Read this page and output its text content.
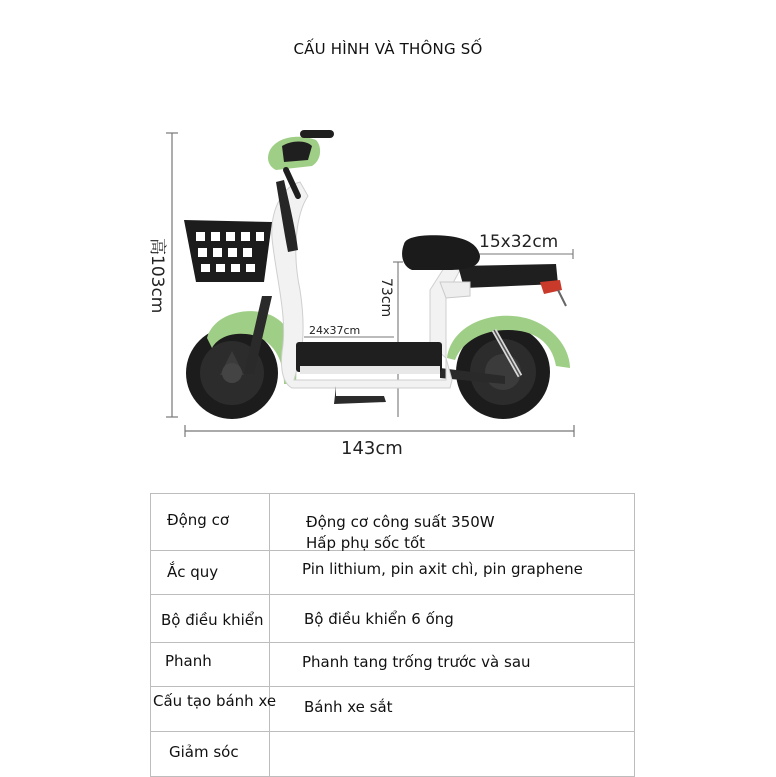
CẤU HÌNH VÀ THÔNG SỐ
高103cm
143cm
73cm
15x32cm
24x37cm
Động cơ	Động cơ công suất 350W
Hấp phụ sốc tốt

Ắc quy	Pin lithium, pin axit chì, pin graphene

Bộ điều khiển	Bộ điều khiển 6 ống

Phanh	Phanh tang trống trước và sau

Cấu tạo bánh xe	Bánh xe sắt

Giảm sóc	
